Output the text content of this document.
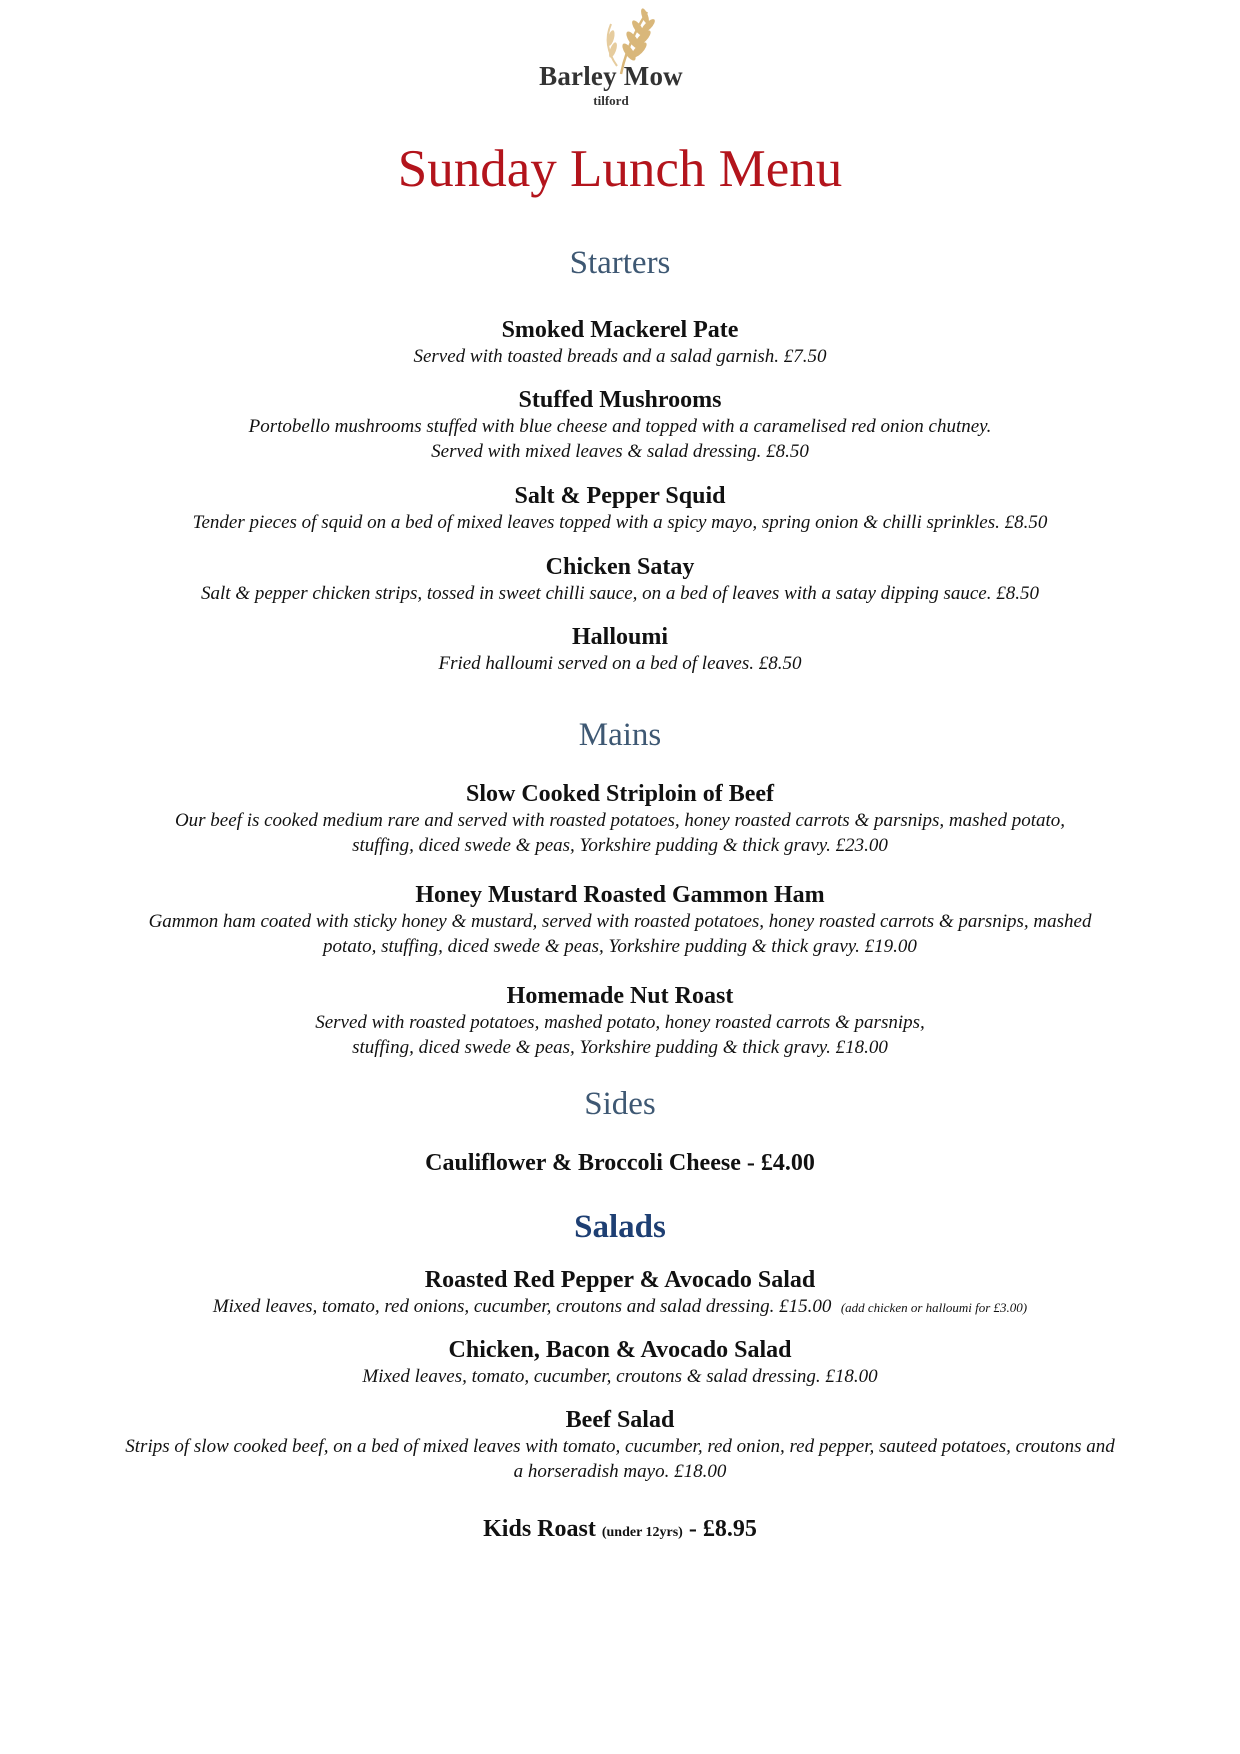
Barley Mow
tilford
Sunday Lunch Menu
Starters
Smoked Mackerel Pate
Served with toasted breads and a salad garnish. £7.50
Stuffed Mushrooms
Portobello mushrooms stuffed with blue cheese and topped with a caramelised red onion chutney.
Served with mixed leaves & salad dressing. £8.50
Salt & Pepper Squid
Tender pieces of squid on a bed of mixed leaves topped with a spicy mayo, spring onion & chilli sprinkles. £8.50
Chicken Satay
Salt & pepper chicken strips, tossed in sweet chilli sauce, on a bed of leaves with a satay dipping sauce. £8.50
Halloumi
Fried halloumi served on a bed of leaves. £8.50
Mains
Slow Cooked Striploin of Beef
Our beef is cooked medium rare and served with roasted potatoes, honey roasted carrots & parsnips, mashed potato,
stuffing, diced swede & peas, Yorkshire pudding & thick gravy. £23.00
Honey Mustard Roasted Gammon Ham
Gammon ham coated with sticky honey & mustard, served with roasted potatoes, honey roasted carrots & parsnips, mashed
potato, stuffing, diced swede & peas, Yorkshire pudding & thick gravy. £19.00
Homemade Nut Roast
Served with roasted potatoes, mashed potato, honey roasted carrots & parsnips,
stuffing, diced swede & peas, Yorkshire pudding & thick gravy. £18.00
Sides
Cauliflower & Broccoli Cheese - £4.00
Salads
Roasted Red Pepper & Avocado Salad
Mixed leaves, tomato, red onions, cucumber, croutons and salad dressing. £15.00 (add chicken or halloumi for £3.00)
Chicken, Bacon & Avocado Salad
Mixed leaves, tomato, cucumber, croutons & salad dressing. £18.00
Beef Salad
Strips of slow cooked beef, on a bed of mixed leaves with tomato, cucumber, red onion, red pepper, sauteed potatoes, croutons and
a horseradish mayo. £18.00
Kids Roast (under 12yrs) - £8.95
